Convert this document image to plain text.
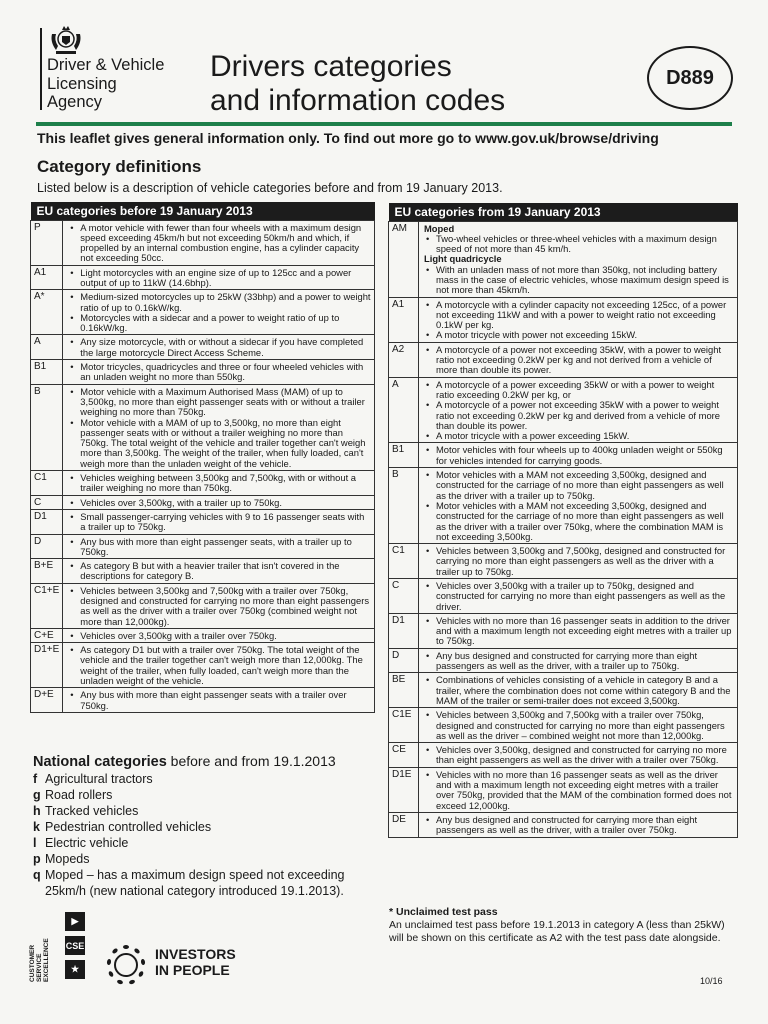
Driver & Vehicle
Licensing
Agency
Drivers categories
and information codes
D889
This leaflet gives general information only. To find out more go to www.gov.uk/browse/driving
Category definitions
Listed below is a description of vehicle categories before and from 19 January 2013.
EU categories before 19 January 2013	
P	• A motor vehicle with fewer than four wheels with a maximum design speed exceeding 45km/h but not exceeding 50km/h and which, if propelled by an internal combustion engine, has a cylinder capacity not exceeding 50cc.

A1	• Light motorcycles with an engine size of up to 125cc and a power output of up to 11kW (14.6bhp).

A*	• Medium-sized motorcycles up to 25kW (33bhp) and a power to weight ratio of up to 0.16kW/kg.
• Motorcycles with a sidecar and a power to weight ratio of up to 0.16kW/kg.

A	• Any size motorcycle, with or without a sidecar if you have completed the large motorcycle Direct Access Scheme.

B1	• Motor tricycles, quadricycles and three or four wheeled vehicles with an unladen weight no more than 550kg.

B	• Motor vehicle with a Maximum Authorised Mass (MAM) of up to 3,500kg, no more than eight passenger seats with or without a trailer weighing no more than 750kg.
• Motor vehicle with a MAM of up to 3,500kg, no more than eight passenger seats with or without a trailer weighing no more than 750kg. The total weight of the vehicle and trailer together can't weigh more than 3,500kg. The weight of the trailer, when fully loaded, can't weigh more than the unladen weight of the vehicle.

C1	• Vehicles weighing between 3,500kg and 7,500kg, with or without a trailer weighing no more than 750kg.

C	• Vehicles over 3,500kg, with a trailer up to 750kg.

D1	• Small passenger-carrying vehicles with 9 to 16 passenger seats with a trailer up to 750kg.

D	• Any bus with more than eight passenger seats, with a trailer up to 750kg.

B+E	• As category B but with a heavier trailer that isn't covered in the descriptions for category B.

C1+E	• Vehicles between 3,500kg and 7,500kg with a trailer over 750kg, designed and constructed for carrying no more than eight passengers as well as the driver with a trailer over 750kg (combined weight not more than 12,000kg).

C+E	• Vehicles over 3,500kg with a trailer over 750kg.

D1+E	• As category D1 but with a trailer over 750kg. The total weight of the vehicle and the trailer together can't weigh more than 12,000kg. The weight of the trailer, when fully loaded, can't weigh more than the unladen weight of the vehicle.

D+E	• Any bus with more than eight passenger seats with a trailer over 750kg.
EU categories from 19 January 2013	
AM	Moped
• Two-wheel vehicles or three-wheel vehicles with a maximum design speed of not more than 45 km/h.
Light quadricycle
• With an unladen mass of not more than 350kg, not including battery mass in the case of electric vehicles, whose maximum design speed is not more than 45km/h.

A1	• A motorcycle with a cylinder capacity not exceeding 125cc, of a power not exceeding 11kW and with a power to weight ratio not exceeding 0.1kW per kg.
• A motor tricycle with power not exceeding 15kW.

A2	• A motorcycle of a power not exceeding 35kW, with a power to weight ratio not exceeding 0.2kW per kg and not derived from a vehicle of more than double its power.

A	• A motorcycle of a power exceeding 35kW or with a power to weight ratio exceeding 0.2kW per kg, or
• A motorcycle of a power not exceeding 35kW with a power to weight ratio not exceeding 0.2kW per kg and derived from a vehicle of more than double its power.
• A motor tricycle with a power exceeding 15kW.

B1	• Motor vehicles with four wheels up to 400kg unladen weight or 550kg for vehicles intended for carrying goods.

B	• Motor vehicles with a MAM not exceeding 3,500kg, designed and constructed for the carriage of no more than eight passengers as well as the driver with a trailer up to 750kg.
• Motor vehicles with a MAM not exceeding 3,500kg, designed and constructed for the carriage of no more than eight passengers as well as the driver with a trailer over 750kg, where the combination MAM is not exceeding 3,500kg.

C1	• Vehicles between 3,500kg and 7,500kg, designed and constructed for carrying no more than eight passengers as well as the driver with a trailer up to 750kg.

C	• Vehicles over 3,500kg with a trailer up to 750kg, designed and constructed for carrying no more than eight passengers as well as the driver.

D1	• Vehicles with no more than 16 passenger seats in addition to the driver and with a maximum length not exceeding eight metres with a trailer up to 750kg.

D	• Any bus designed and constructed for carrying more than eight passengers as well as the driver, with a trailer up to 750kg.

BE	• Combinations of vehicles consisting of a vehicle in category B and a trailer, where the combination does not come within category B and the MAM of the trailer or semi-trailer does not exceed 3,500kg.

C1E	• Vehicles between 3,500kg and 7,500kg with a trailer over 750kg, designed and constructed for carrying no more than eight passengers as well as the driver – combined weight not more than 12,000kg.

CE	• Vehicles over 3,500kg, designed and constructed for carrying no more than eight passengers as well as the driver with a trailer over 750kg.

D1E	• Vehicles with no more than 16 passenger seats as well as the driver and with a maximum length not exceeding eight metres with a trailer over 750kg, provided that the MAM of the combination formed does not exceed 12,000kg.

DE	• Any bus designed and constructed for carrying more than eight passengers as well as the driver, with a trailer over 750kg.
National categories before and from 19.1.2013
f Agricultural tractors
g Road rollers
h Tracked vehicles
k Pedestrian controlled vehicles
l Electric vehicle
p Mopeds
q Moped – has a maximum design speed not exceeding 25km/h (new national category introduced 19.1.2013).
* Unclaimed test pass
An unclaimed test pass before 19.1.2013 in category A (less than 25kW) will be shown on this certificate as A2 with the test pass date alongside.
CUSTOMER SERVICE EXCELLENCE
▶
CSE
★
INVESTORS
IN PEOPLE
10/16
